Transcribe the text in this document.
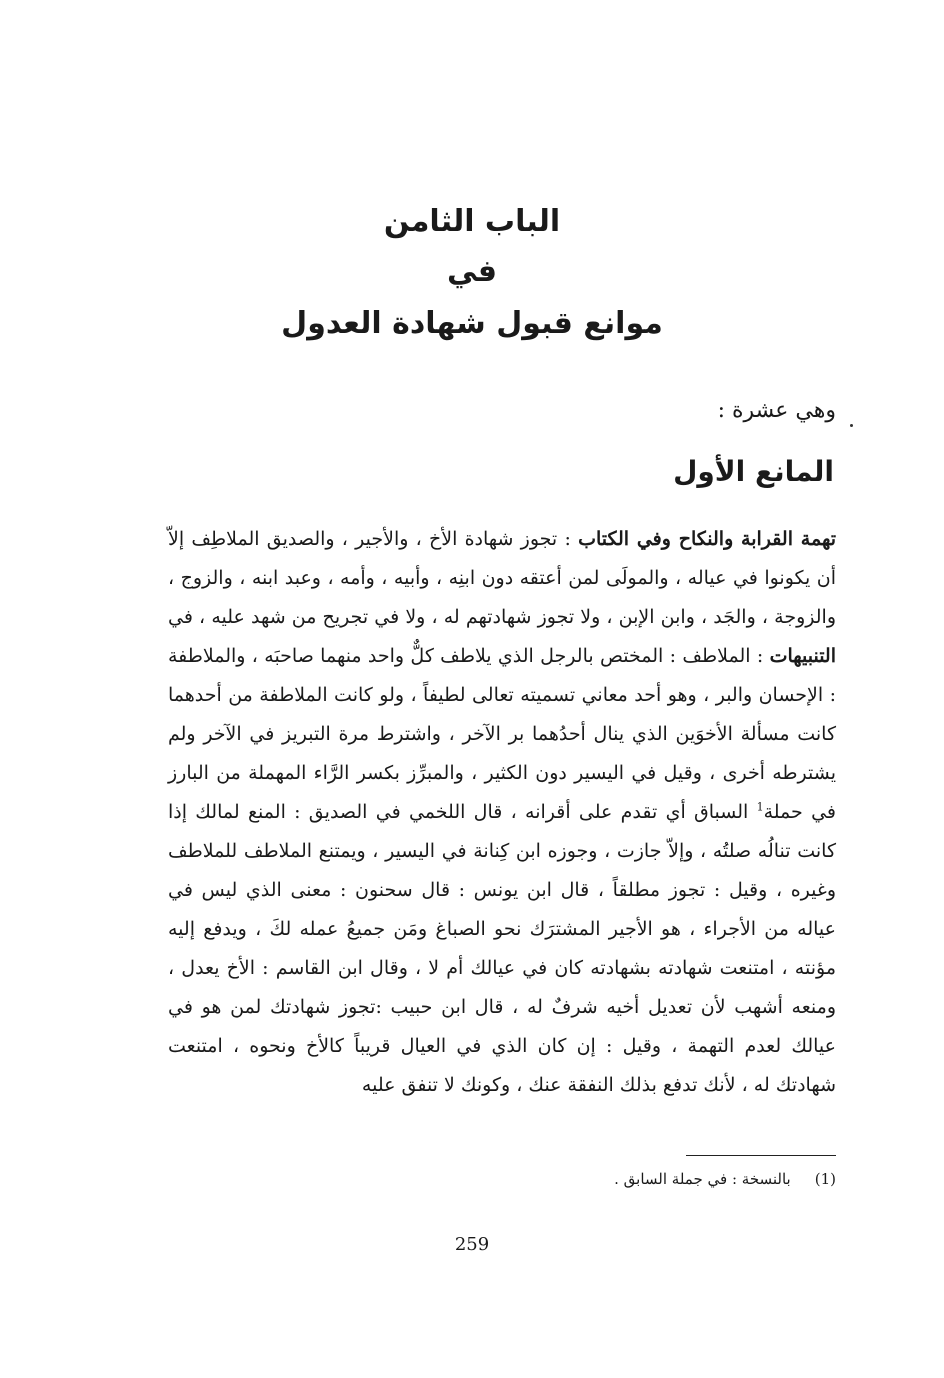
الباب الثامن
في
موانع قبول شهادة العدول
وهي عشرة :
المانع الأول

تهمة القرابة والنكاح وفي الكتاب : تجوز شهادة الأخ ، والأجير ، والصديق الملاطِف إلاّ أن يكونوا في عياله ، والمولَى لمن أعتقه دون ابنِه ، وأبيه ، وأمه ، وعبد ابنه ، والزوج ، والزوجة ، والجَد ، وابن الإبن ، ولا تجوز شهادتهم له ، ولا في تجريح من شهد عليه ، في التنبيهات : الملاطف : المختص بالرجل الذي يلاطف كلٌّ واحد منهما صاحبَه ، والملاطفة : الإحسان والبر ، وهو أحد معاني تسميته تعالى لطيفاً ، ولو كانت الملاطفة من أحدهما كانت مسألة الأخوَين الذي ينال أحدُهما بر الآخر ، واشترط مرة التبريز في الآخر ولم يشترطه أخرى ، وقيل في اليسير دون الكثير ، والمبرِّز بكسر الرَّاء المهملة من البارز في حملة$^1$ السباق أي تقدم على أقرانه ، قال اللخمي في الصديق : المنع لمالك إذا كانت تنالُه صلتُه ، وإلاّ جازت ، وجوزه ابن كِنانة في اليسير ، ويمتنع الملاطف للملاطف وغيره ، وقيل : تجوز مطلقاً ، قال ابن يونس : قال سحنون : معنى الذي ليس في عياله من الأجراء ، هو الأجير المشترَك نحو الصباغ ومَن جميعُ عمله لكَ ، ويدفع إليه مؤنته ، امتنعت شهادته بشهادته كان في عيالك أم لا ، وقال ابن القاسم : الأخ يعدل ، ومنعه أشهب لأن تعديل أخيه شرفٌ له ، قال ابن حبيب :تجوز شهادتك لمن هو في عيالك لعدم التهمة ، وقيل : إن كان الذي في العيال قريباً كالأخ ونحوه ، امتنعت شهادتك له ، لأنك تدفع بذلك النفقة عنك ، وكونك لا تنفق عليه

(1)بالنسخة : في جملة السابق .
259
